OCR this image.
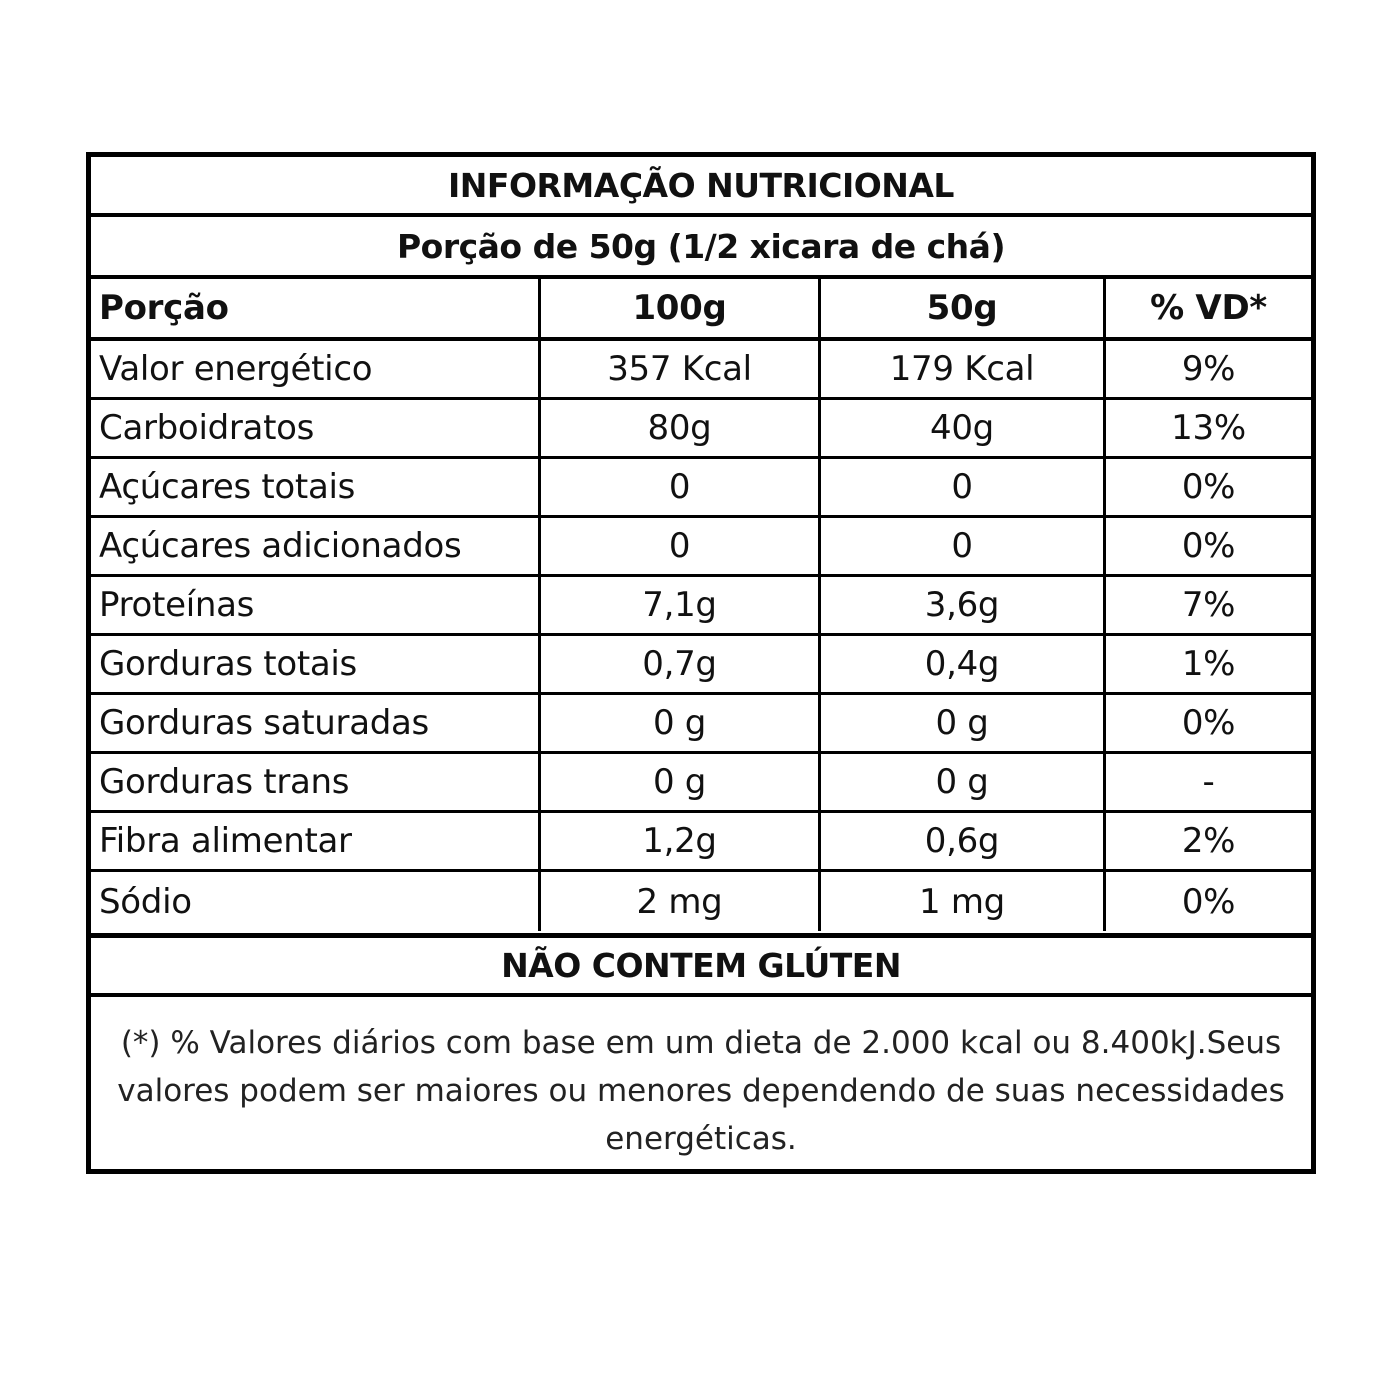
INFORMAÇÃO NUTRICIONAL
Porção de 50g (1/2 xicara de chá)
Porção	100g	50g	% VD*
Valor energético	357 Kcal	179 Kcal	9%
Carboidratos	80g	40g	13%
Açúcares totais	0	0	0%
Açúcares adicionados	0	0	0%
Proteínas	7,1g	3,6g	7%
Gorduras totais	0,7g	0,4g	1%
Gorduras saturadas	0 g	0 g	0%
Gorduras trans	0 g	0 g	-
Fibra alimentar	1,2g	0,6g	2%
Sódio	2 mg	1 mg	0%
NÃO CONTEM GLÚTEN
(*) % Valores diários com base em um dieta de 2.000 kcal ou 8.400kJ.Seus valores podem ser maiores ou menores dependendo de suas necessidades energéticas.
